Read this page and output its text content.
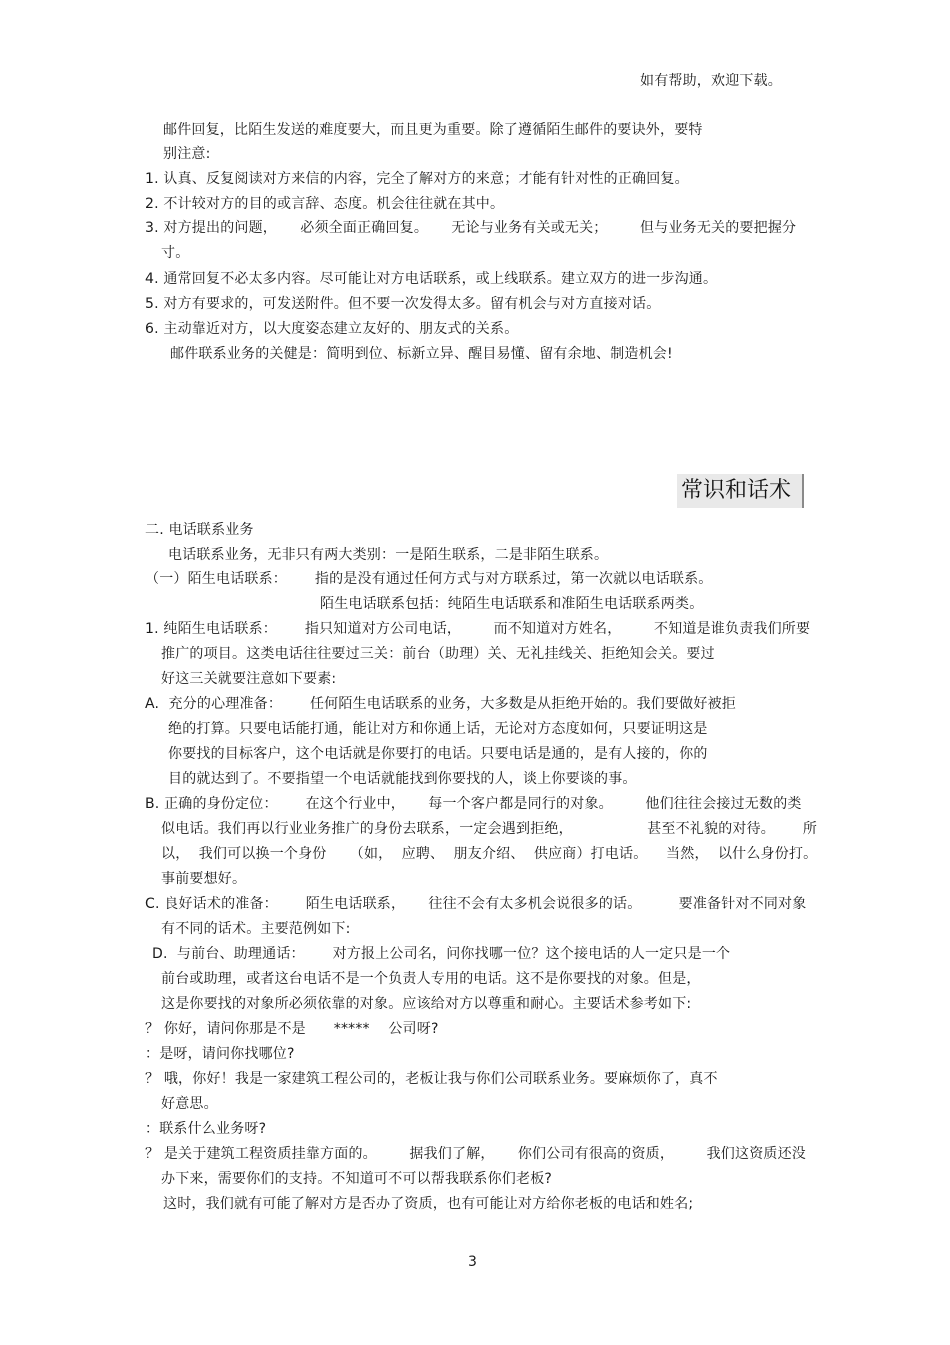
如有帮助，欢迎下载。
邮件回复，比陌生发送的难度要大，而且更为重要。除了遵循陌生邮件的要诀外，要特
别注意:
1. 认真、反复阅读对方来信的内容，完全了解对方的来意；才能有针对性的正确回复。
2. 不计较对方的目的或言辞、态度。机会往往就在其中。
3. 对方提出的问题，     必须全面正确回复。     无论与业务有关或无关；       但与业务无关的要把握分
寸。
4. 通常回复不必太多内容。尽可能让对方电话联系，或上线联系。建立双方的进一步沟通。
5. 对方有要求的，可发送附件。但不要一次发得太多。留有机会与对方直接对话。
6. 主动靠近对方，以大度姿态建立友好的、朋友式的关系。
邮件联系业务的关健是：简明到位、标新立异、醒目易懂、留有余地、制造机会!
常识和话术
二. 电话联系业务
电话联系业务，无非只有两大类别：一是陌生联系，二是非陌生联系。
（一）陌生电话联系：      指的是没有通过任何方式与对方联系过，第一次就以电话联系。
陌生电话联系包括：纯陌生电话联系和准陌生电话联系两类。
1. 纯陌生电话联系：      指只知道对方公司电话，       而不知道对方姓名，       不知道是谁负责我们所要
推广的项目。这类电话往往要过三关：前台（助理）关、无礼挂线关、拒绝知会关。要过
好这三关就要注意如下要素:
A.  充分的心理准备：      任何陌生电话联系的业务，大多数是从拒绝开始的。我们要做好被拒
绝的打算。只要电话能打通，能让对方和你通上话，无论对方态度如何，只要证明这是
你要找的目标客户，这个电话就是你要打的电话。只要电话是通的，是有人接的，你的
目的就达到了。不要指望一个电话就能找到你要找的人，谈上你要谈的事。
B. 正确的身份定位：      在这个行业中，     每一个客户都是同行的对象。       他们往往会接过无数的类
似电话。我们再以行业业务推广的身份去联系，一定会遇到拒绝，                甚至不礼貌的对待。      所
以，  我们可以换一个身份     （如，  应聘、  朋友介绍、  供应商）打电话。    当然，  以什么身份打。
事前要想好。
C. 良好话术的准备：      陌生电话联系，     往往不会有太多机会说很多的话。        要准备针对不同对象
有不同的话术。主要范例如下:
D.  与前台、助理通话：      对方报上公司名，问你找哪一位？这个接电话的人一定只是一个
前台或助理，或者这台电话不是一个负责人专用的电话。这不是你要找的对象。但是，
这是你要找的对象所必须依靠的对象。应该给对方以尊重和耐心。主要话术参考如下:
？ 你好，请问你那是不是      *****    公司呀?
：是呀，请问你找哪位?
？ 哦，你好！我是一家建筑工程公司的，老板让我与你们公司联系业务。要麻烦你了，真不
好意思。
：联系什么业务呀?
？ 是关于建筑工程资质挂靠方面的。       据我们了解，     你们公司有很高的资质，       我们这资质还没
办下来，需要你们的支持。不知道可不可以帮我联系你们老板?
这时，我们就有可能了解对方是否办了资质，也有可能让对方给你老板的电话和姓名;
3
